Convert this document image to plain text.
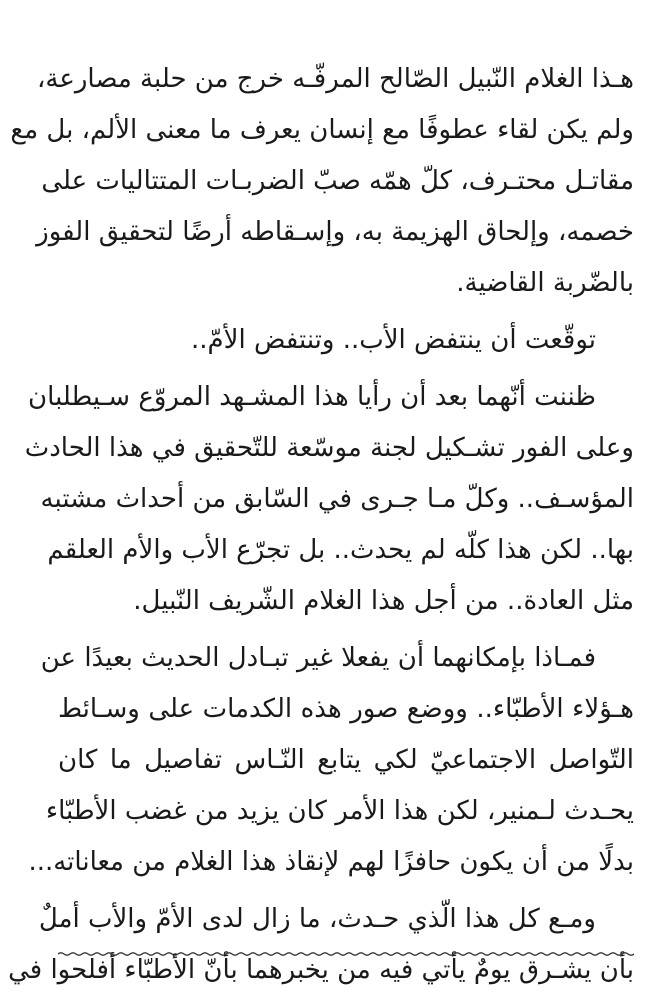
هـذا الغلام النّبيل الصّالح المرفّـه خرج من حلبة مصارعة،
ولم يكن لقاء عطوفًا مع إنسان يعرف ما معنى الألم، بل مع
مقاتـل محتـرف، كلّ همّه صبّ الضربـات المتتاليات على
خصمه، وإلحاق الهزيمة به، وإسـقاطه أرضًا لتحقيق الفوز
بالضّربة القاضية.
توقّعت أن ينتفض الأب.. وتنتفض الأمّ..
ظننت أنّهما بعد أن رأيا هذا المشـهد المروّع سـيطلبان
وعلى الفور تشـكيل لجنة موسّعة للتّحقيق في هذا الحادث
المؤسـف.. وكلّ مـا جـرى في السّابق من أحداث مشتبه
بها.. لكن هذا كلّه لم يحدث.. بل تجرّع الأب والأم العلقم
مثل العادة.. من أجل هذا الغلام الشّريف النّبيل.
فمـاذا بإمكانهما أن يفعلا غير تبـادل الحديث بعيدًا عن
هـؤلاء الأطبّاء.. ووضع صور هذه الكدمات على وسـائط
التّواصل الاجتماعيّ لكي يتابع النّـاس تفاصيل ما كان
يحـدث لـمنير، لكن هذا الأمر كان يزيد من غضب الأطبّاء
بدلًا من أن يكون حافزًا لهم لإنقاذ هذا الغلام من معاناته...
ومـع كل هذا الّذي حـدث، ما زال لدى الأمّ والأب أملٌ
بأن يشـرق يومٌ يأتي فيه من يخبرهما بأنّ الأطبّاء أفلحوا في
